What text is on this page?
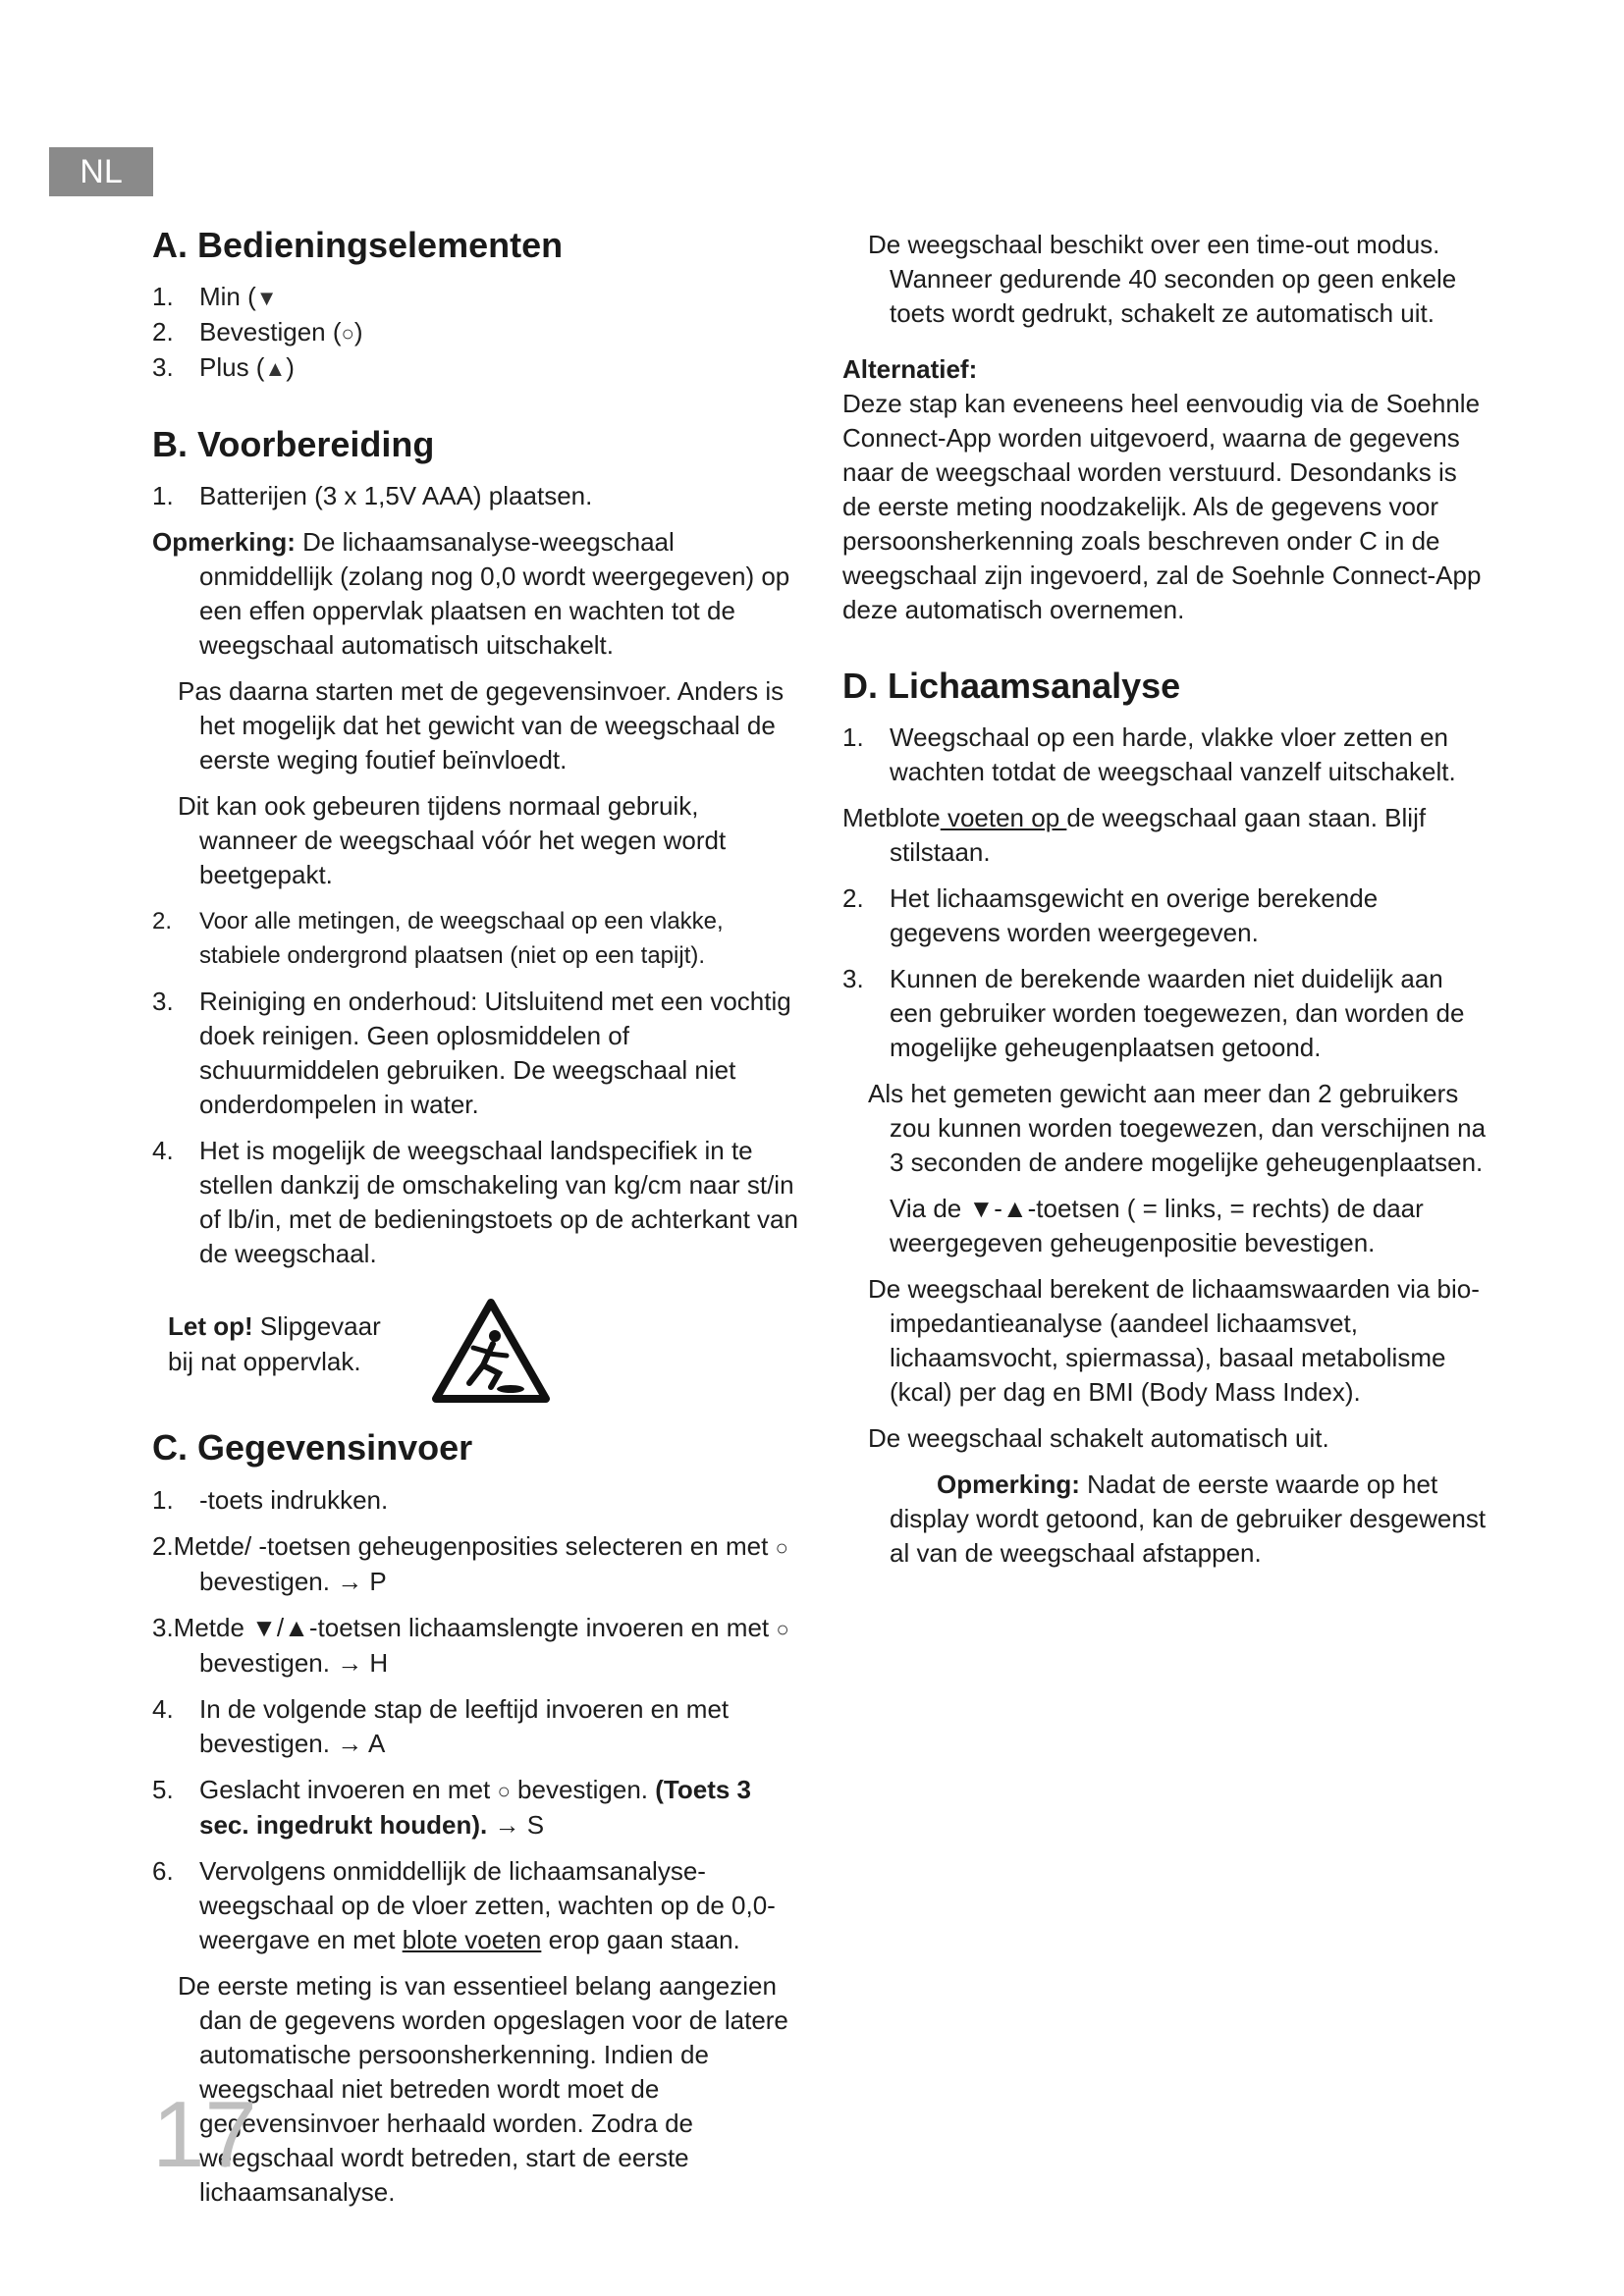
NL
A. Bedieningselementen
1. Min (▼
2. Bevestigen (○)
3. Plus (▲)
B. Voorbereiding
1. Batterijen (3 x 1,5V AAA) plaatsen.
Opmerking: De lichaamsanalyse-weegschaal onmiddellijk (zolang nog 0,0 wordt weergegeven) op een effen oppervlak plaatsen en wachten tot de weegschaal automatisch uitschakelt.
Pas daarna starten met de gegevensinvoer. Anders is het mogelijk dat het gewicht van de weegschaal de eerste weging foutief beïnvloedt.
Dit kan ook gebeuren tijdens normaal gebruik, wanneer de weegschaal vóór het wegen wordt beetgepakt.
2. Voor alle metingen, de weegschaal op een vlakke, stabiele ondergrond plaatsen (niet op een tapijt).
3. Reiniging en onderhoud: Uitsluitend met een vochtig doek reinigen. Geen oplosmiddelen of schuurmiddelen gebruiken. De weegschaal niet onderdompelen in water.
4. Het is mogelijk de weegschaal landspecifiek in te stellen dankzij de omschakeling van kg/cm naar st/in of lb/in, met de bedieningstoets op de achterkant van de weegschaal.
Let op! Slipgevaar
bij nat oppervlak.
C. Gegevensinvoer
1. -toets indrukken.
2.Metde/ -toetsen geheugenposities selecteren en met ○ bevestigen. → P
3.Metde ▼/▲-toetsen lichaamslengte invoeren en met ○ bevestigen. → H
4. In de volgende stap de leeftijd invoeren en met bevestigen. → A
5. Geslacht invoeren en met ○ bevestigen. (Toets 3 sec. ingedrukt houden). → S
6. Vervolgens onmiddellijk de lichaamsanalyse-weegschaal op de vloer zetten, wachten op de 0,0-weergave en met blote voeten erop gaan staan.
De eerste meting is van essentieel belang aangezien dan de gegevens worden opgeslagen voor de latere automatische persoonsherkenning. Indien de weegschaal niet betreden wordt moet de gegevensinvoer herhaald worden. Zodra de weegschaal wordt betreden, start de eerste lichaamsanalyse.
De weegschaal beschikt over een time-out modus. Wanneer gedurende 40 seconden op geen enkele toets wordt gedrukt, schakelt ze automatisch uit.
Alternatief:
Deze stap kan eveneens heel eenvoudig via de Soehnle Connect-App worden uitgevoerd, waarna de gegevens naar de weegschaal worden verstuurd. Desondanks is de eerste meting noodzakelijk. Als de gegevens voor persoonsherkenning zoals beschreven onder C in de weegschaal zijn ingevoerd, zal de Soehnle Connect-App deze automatisch overnemen.
D. Lichaamsanalyse
1. Weegschaal op een harde, vlakke vloer zetten en wachten totdat de weegschaal vanzelf uitschakelt.
Metblote voeten op de weegschaal gaan staan. Blijf stilstaan.
2. Het lichaamsgewicht en overige berekende gegevens worden weergegeven.
3. Kunnen de berekende waarden niet duidelijk aan een gebruiker worden toegewezen, dan worden de mogelijke geheugenplaatsen getoond.
Als het gemeten gewicht aan meer dan 2 gebruikers zou kunnen worden toegewezen, dan verschijnen na 3 seconden de andere mogelijke geheugenplaatsen.
Via de ▼-▲-toetsen ( = links, = rechts) de daar weergegeven geheugenpositie bevestigen.
De weegschaal berekent de lichaamswaarden via bio-impedantieanalyse (aandeel lichaamsvet, lichaamsvocht, spiermassa), basaal metabolisme (kcal) per dag en BMI (Body Mass Index).
De weegschaal schakelt automatisch uit.
Opmerking: Nadat de eerste waarde op het display wordt getoond, kan de gebruiker desgewenst al van de weegschaal afstappen.
17
